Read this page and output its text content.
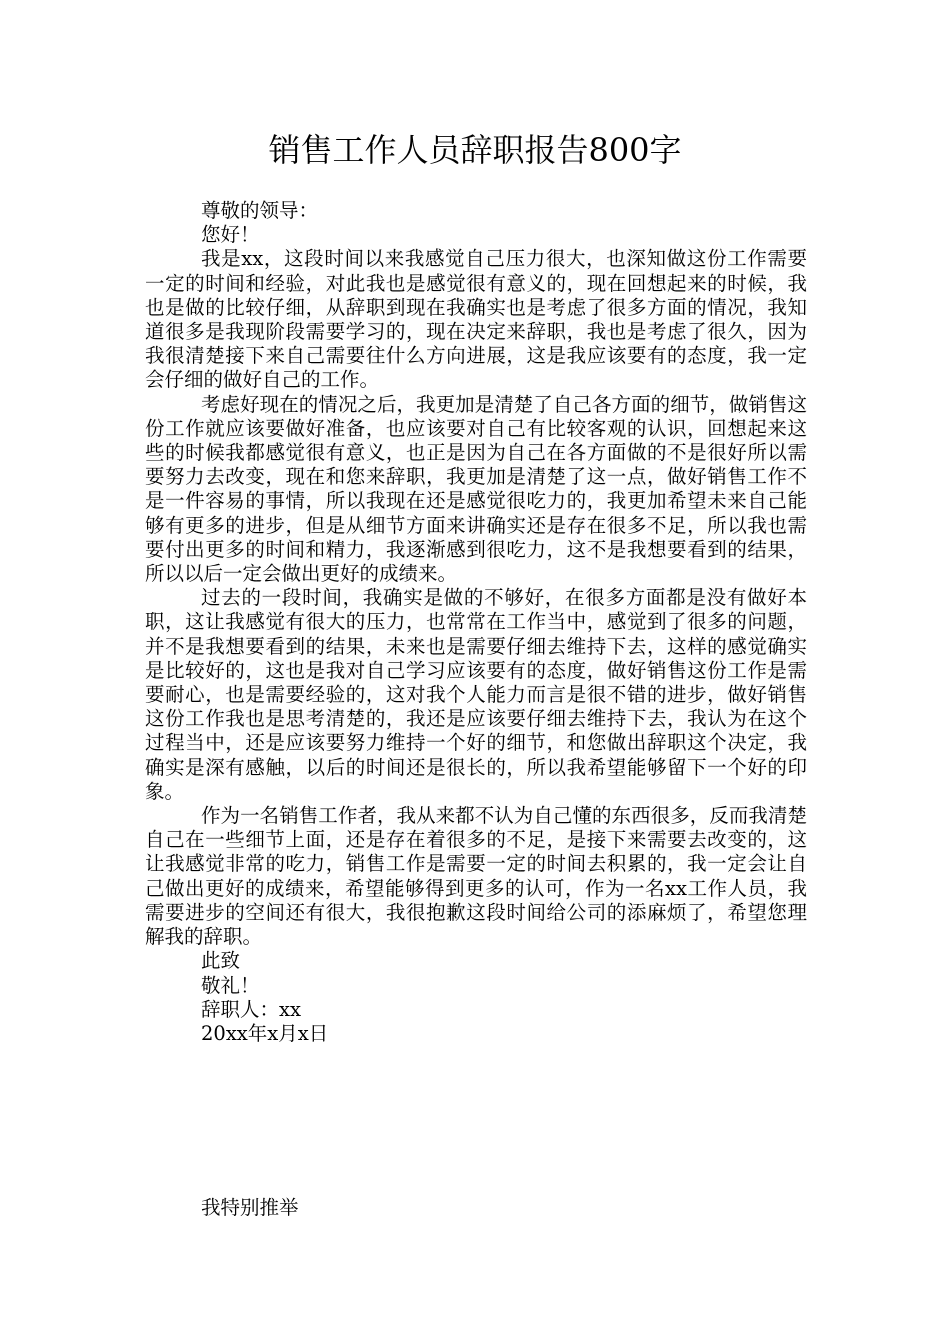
销售工作人员辞职报告800字

尊敬的领导：

您好！

我是xx，这段时间以来我感觉自己压力很大，也深知做这份工作需要一定的时间和经验，对此我也是感觉很有意义的，现在回想起来的时候，我也是做的比较仔细，从辞职到现在我确实也是考虑了很多方面的情况，我知道很多是我现阶段需要学习的，现在决定来辞职，我也是考虑了很久，因为我很清楚接下来自己需要往什么方向进展，这是我应该要有的态度，我一定会仔细的做好自己的工作。

考虑好现在的情况之后，我更加是清楚了自己各方面的细节，做销售这份工作就应该要做好准备，也应该要对自己有比较客观的认识，回想起来这些的时候我都感觉很有意义，也正是因为自己在各方面做的不是很好所以需要努力去改变，现在和您来辞职，我更加是清楚了这一点，做好销售工作不是一件容易的事情，所以我现在还是感觉很吃力的，我更加希望未来自己能够有更多的进步，但是从细节方面来讲确实还是存在很多不足，所以我也需要付出更多的时间和精力，我逐渐感到很吃力，这不是我想要看到的结果，所以以后一定会做出更好的成绩来。

过去的一段时间，我确实是做的不够好，在很多方面都是没有做好本职，这让我感觉有很大的压力，也常常在工作当中，感觉到了很多的问题，并不是我想要看到的结果，未来也是需要仔细去维持下去，这样的感觉确实是比较好的，这也是我对自己学习应该要有的态度，做好销售这份工作是需要耐心，也是需要经验的，这对我个人能力而言是很不错的进步，做好销售这份工作我也是思考清楚的，我还是应该要仔细去维持下去，我认为在这个过程当中，还是应该要努力维持一个好的细节，和您做出辞职这个决定，我确实是深有感触，以后的时间还是很长的，所以我希望能够留下一个好的印象。

作为一名销售工作者，我从来都不认为自己懂的东西很多，反而我清楚自己在一些细节上面，还是存在着很多的不足，是接下来需要去改变的，这让我感觉非常的吃力，销售工作是需要一定的时间去积累的，我一定会让自己做出更好的成绩来，希望能够得到更多的认可，作为一名xx工作人员，我需要进步的空间还有很大，我很抱歉这段时间给公司的添麻烦了，希望您理解我的辞职。

此致

敬礼！

辞职人：xx

20xx年x月x日

我特别推举
